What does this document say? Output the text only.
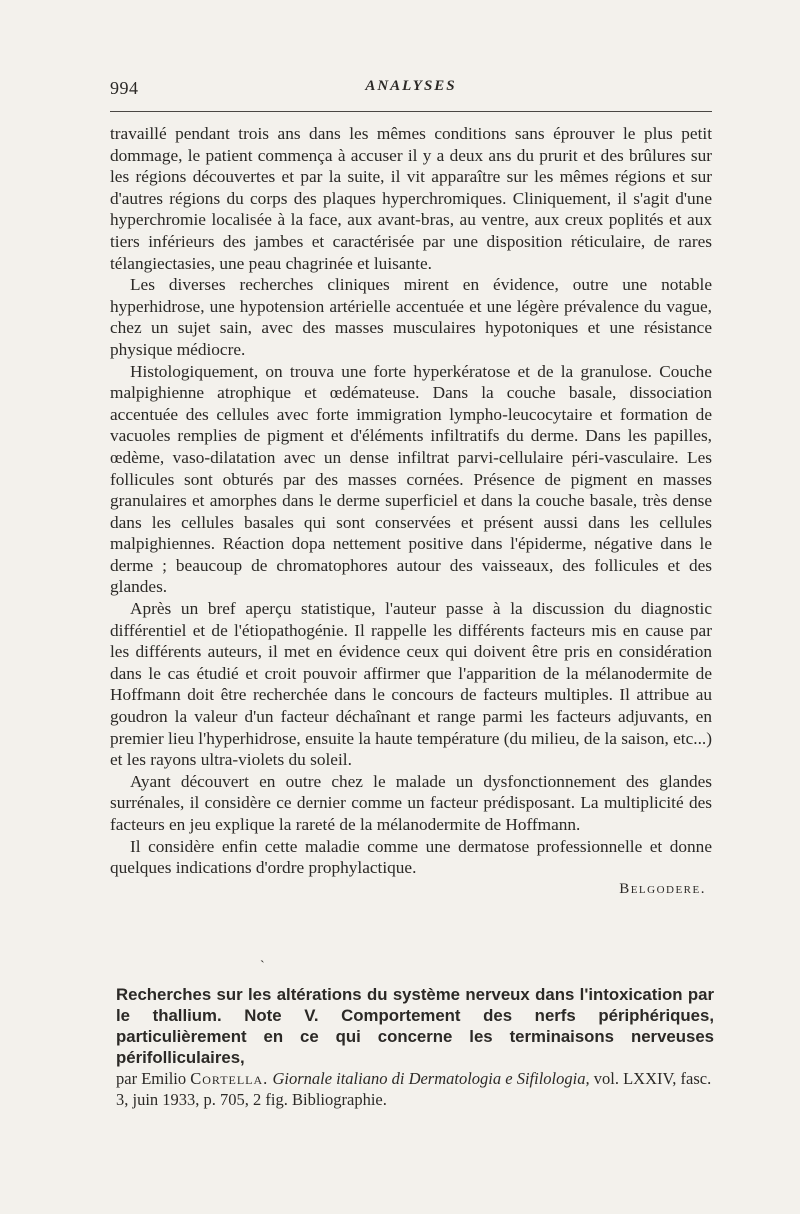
994	ANALYSES

travaillé pendant trois ans dans les mêmes conditions sans éprouver le plus petit dommage, le patient commença à accuser il y a deux ans du prurit et des brûlures sur les régions découvertes et par la suite, il vit apparaître sur les mêmes régions et sur d'autres régions du corps des plaques hyperchromiques. Cliniquement, il s'agit d'une hyperchromie localisée à la face, aux avant-bras, au ventre, aux creux poplités et aux tiers inférieurs des jambes et caractérisée par une disposition réticulaire, de rares télangiectasies, une peau chagrinée et luisante.

Les diverses recherches cliniques mirent en évidence, outre une notable hyperhidrose, une hypotension artérielle accentuée et une légère prévalence du vague, chez un sujet sain, avec des masses musculaires hypotoniques et une résistance physique médiocre.

Histologiquement, on trouva une forte hyperkératose et de la granulose. Couche malpighienne atrophique et œdémateuse. Dans la couche basale, dissociation accentuée des cellules avec forte immigration lympho-leucocytaire et formation de vacuoles remplies de pigment et d'éléments infiltratifs du derme. Dans les papilles, œdème, vaso-dilatation avec un dense infiltrat parvi-cellulaire péri-vasculaire. Les follicules sont obturés par des masses cornées. Présence de pigment en masses granulaires et amorphes dans le derme superficiel et dans la couche basale, très dense dans les cellules basales qui sont conservées et présent aussi dans les cellules malpighiennes. Réaction dopa nettement positive dans l'épiderme, négative dans le derme ; beaucoup de chromatophores autour des vaisseaux, des follicules et des glandes.

Après un bref aperçu statistique, l'auteur passe à la discussion du diagnostic différentiel et de l'étiopathogénie. Il rappelle les différents facteurs mis en cause par les différents auteurs, il met en évidence ceux qui doivent être pris en considération dans le cas étudié et croit pouvoir affirmer que l'apparition de la mélanodermite de Hoffmann doit être recherchée dans le concours de facteurs multiples. Il attribue au goudron la valeur d'un facteur déchaînant et range parmi les facteurs adjuvants, en premier lieu l'hyperhidrose, ensuite la haute température (du milieu, de la saison, etc...) et les rayons ultra-violets du soleil.

Ayant découvert en outre chez le malade un dysfonctionnement des glandes surrénales, il considère ce dernier comme un facteur prédisposant. La multiplicité des facteurs en jeu explique la rareté de la mélanodermite de Hoffmann.

Il considère enfin cette maladie comme une dermatose professionnelle et donne quelques indications d'ordre prophylactique.

Belgodere.

˴

Recherches sur les altérations du système nerveux dans l'intoxication par le thallium. Note V. Comportement des nerfs périphériques, particulièrement en ce qui concerne les terminaisons nerveuses périfolliculaires,

par Emilio Cortella. Giornale italiano di Dermatologia e Sifilologia, vol. LXXIV, fasc. 3, juin 1933, p. 705, 2 fig. Bibliographie.
